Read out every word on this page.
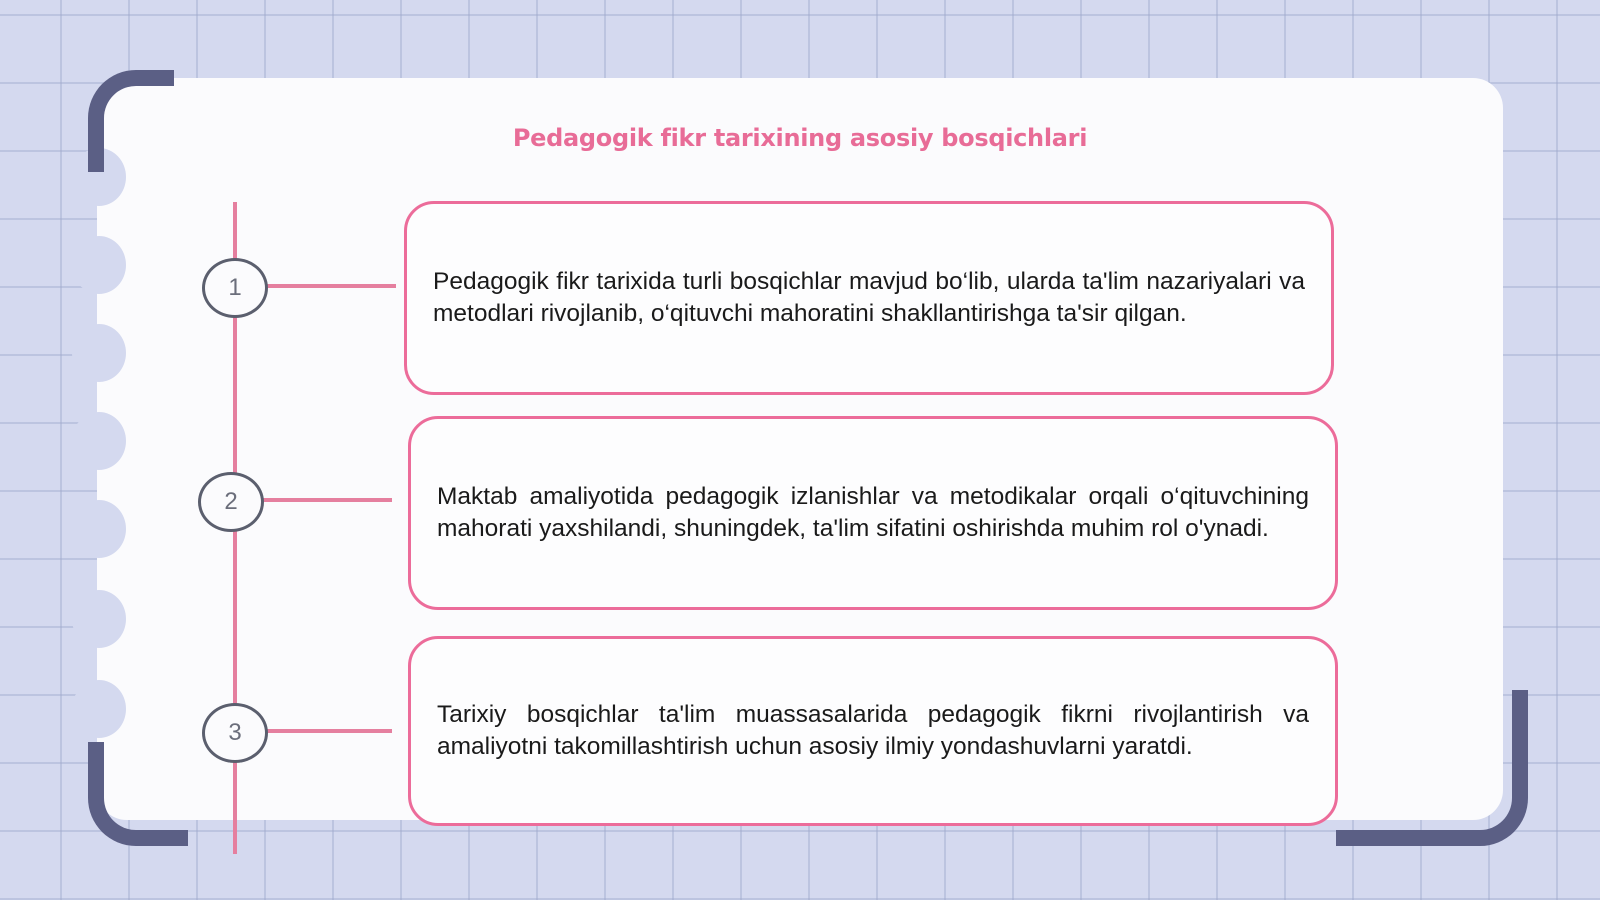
Pedagogik fikr tarixining asosiy bosqichlari
1
2
3
Pedagogik fikr tarixida turli bosqichlar mavjud bo‘lib, ularda ta'lim nazariyalari va metodlari rivojlanib, o‘qituvchi mahoratini shakllantirishga ta'sir qilgan.
Maktab amaliyotida pedagogik izlanishlar va metodikalar orqali o‘qituvchining mahorati yaxshilandi, shuningdek, ta'lim sifatini oshirishda muhim rol o'ynadi.
Tarixiy bosqichlar ta'lim muassasalarida pedagogik fikrni rivojlantirish va amaliyotni takomillashtirish uchun asosiy ilmiy yondashuvlarni yaratdi.
